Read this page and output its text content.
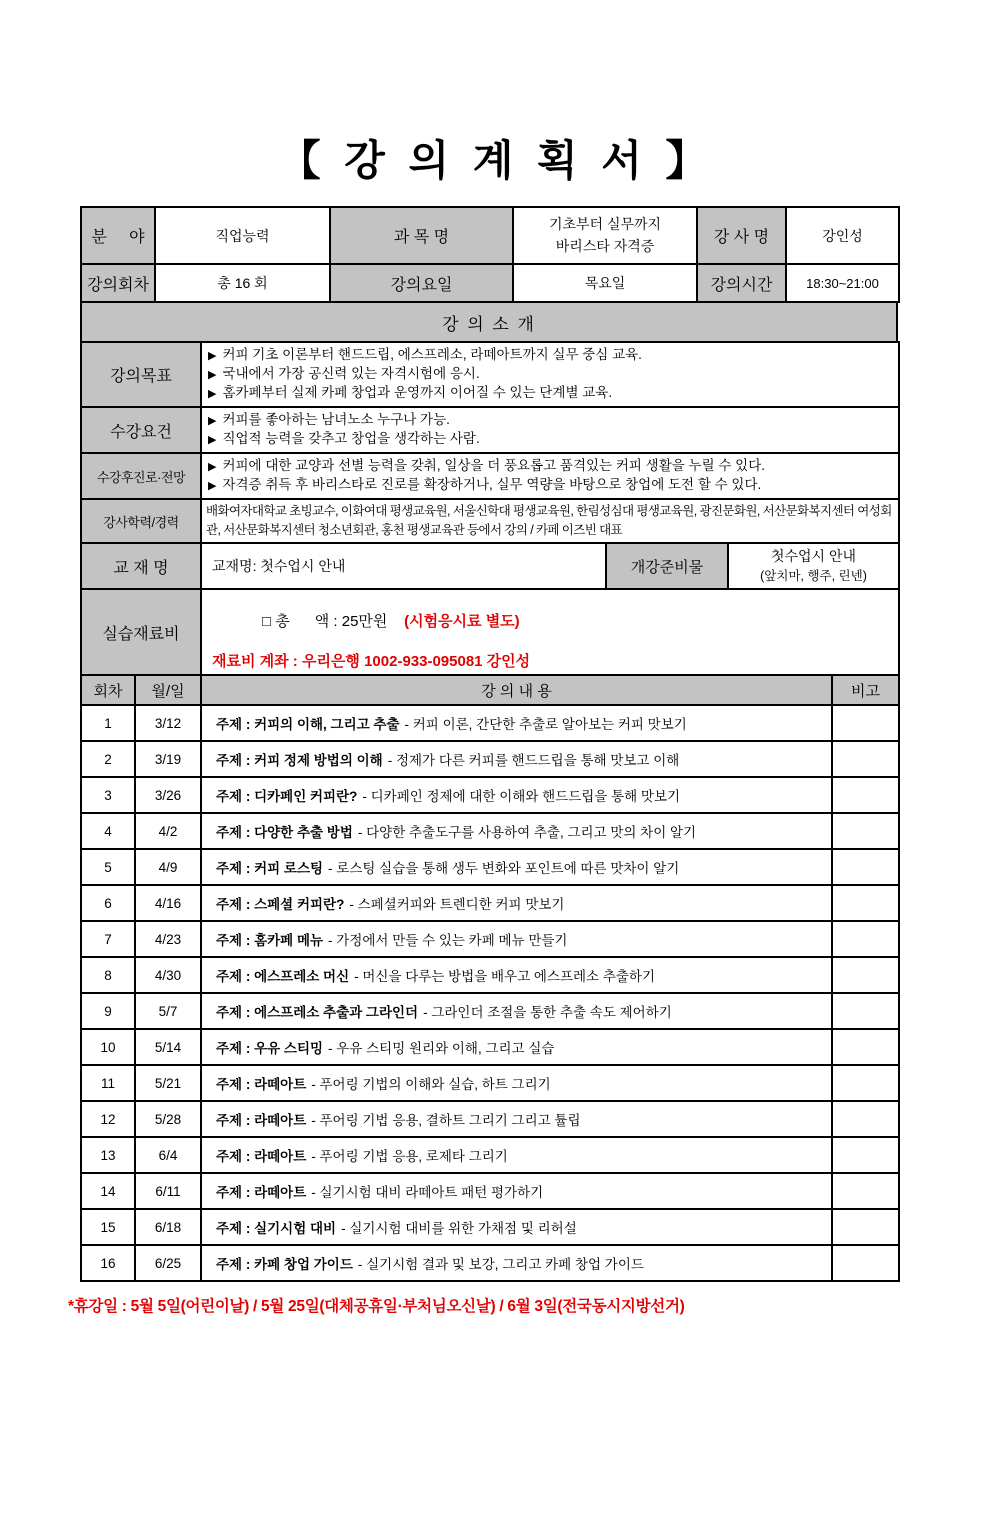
【 강 의 계 획 서 】
분     야	직업능력	과 목 명	기초부터 실무까지
바리스타 자격증	강 사 명	강인성
강의회차	총 16 회	강의요일	목요일	강의시간	18:30~21:00
강 의 소 개
강의목표	▶ 커피 기초 이론부터 핸드드립, 에스프레소, 라떼아트까지 실무 중심 교육.
▶ 국내에서 가장 공신력 있는 자격시험에 응시.
▶ 홈카페부터 실제 카페 창업과 운영까지 이어질 수 있는 단계별 교육.

수강요건	▶ 커피를 좋아하는 남녀노소 누구나 가능.
▶ 직업적 능력을 갖추고 창업을 생각하는 사람.

수강후진로·전망	▶ 커피에 대한 교양과 선별 능력을 갖춰, 일상을 더 풍요롭고 품격있는 커피 생활을 누릴 수 있다.
▶ 자격증 취득 후 바리스타로 진로를 확장하거나, 실무 역량을 바탕으로 창업에 도전 할 수 있다.

강사학력/경력	배화여자대학교 초빙교수, 이화여대 평생교육원, 서울신학대 평생교육원, 한림성심대 평생교육원, 광진문화원, 서산문화복지센터 여성회관, 서산문화복지센터 청소년회관, 홍천 평생교육관 등에서 강의 / 카페 이즈빈 대표
교 재 명	교재명: 첫수업시 안내	개강준비물	
첫수업시 안내
(앞치마, 행주, 린넨)
실습재료비	

□ 총      액 : 25만원    (시험응시료 별도)

재료비 계좌 : 우리은행 1002-933-095081 강인성
회차	월/일	강 의 내 용	비고
1	3/12	주제 : 커피의 이해, 그리고 추출 - 커피 이론, 간단한 추출로 알아보는 커피 맛보기	
2	3/19	주제 : 커피 정제 방법의 이해 - 정제가 다른 커피를 핸드드립을 통해 맛보고 이해	
3	3/26	주제 : 디카페인 커피란? - 디카페인 정제에 대한 이해와 핸드드립을 통해 맛보기	
4	4/2	주제 : 다양한 추출 방법 - 다양한 추출도구를 사용하여 추출, 그리고 맛의 차이 알기	
5	4/9	주제 : 커피 로스팅 - 로스팅 실습을 통해 생두 변화와 포인트에 따른 맛차이 알기	
6	4/16	주제 : 스페셜 커피란? - 스페셜커피와 트렌디한 커피 맛보기	
7	4/23	주제 : 홈카페 메뉴 - 가정에서 만들 수 있는 카페 메뉴 만들기	
8	4/30	주제 : 에스프레소 머신 - 머신을 다루는 방법을 배우고 에스프레소 추출하기	
9	5/7	주제 : 에스프레소 추출과 그라인더 - 그라인더 조절을 통한 추출 속도 제어하기	
10	5/14	주제 : 우유 스티밍 - 우유 스티밍 원리와 이해, 그리고 실습	
11	5/21	주제 : 라떼아트 - 푸어링 기법의 이해와 실습, 하트 그리기	
12	5/28	주제 : 라떼아트 - 푸어링 기법 응용, 결하트 그리기 그리고 튤립	
13	6/4	주제 : 라떼아트 - 푸어링 기법 응용, 로제타 그리기	
14	6/11	주제 : 라떼아트 - 실기시험 대비 라떼아트 패턴 평가하기	
15	6/18	주제 : 실기시험 대비 - 실기시험 대비를 위한 가채점 및 리허설	
16	6/25	주제 : 카페 창업 가이드 - 실기시험 결과 및 보강, 그리고 카페 창업 가이드	
*휴강일 : 5월 5일(어린이날) / 5월 25일(대체공휴일·부처님오신날) / 6월 3일(전국동시지방선거)
